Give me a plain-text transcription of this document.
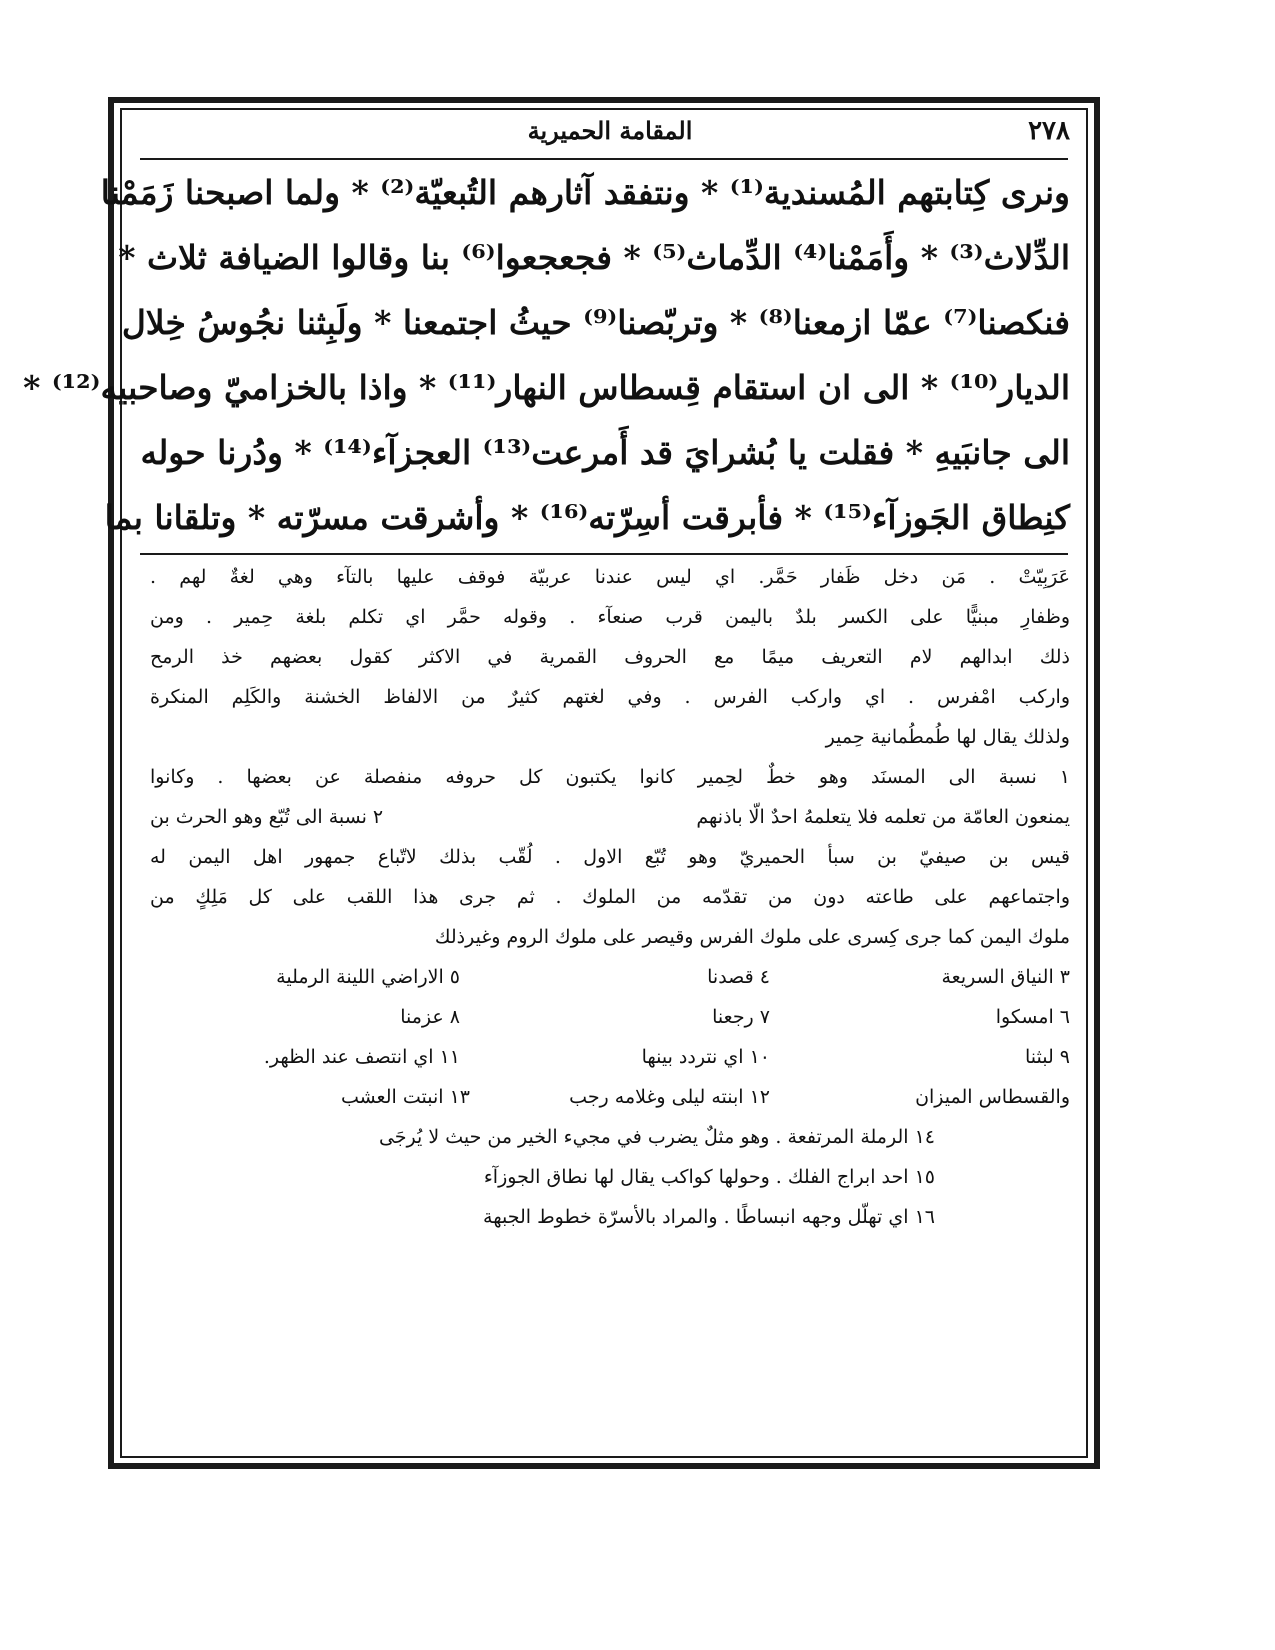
٢٧٨
المقامة الحميرية
ونرى كِتابتهم المُسندية⁽¹⁾ * ونتفقد آثارهم التُبعيّة⁽²⁾ * ولما اصبحنا زَمَمْنا
الدِّلاث⁽³⁾ * وأَمَمْنا⁽⁴⁾ الدِّماث⁽⁵⁾ * فجعجعوا⁽⁶⁾ بنا وقالوا الضيافة ثلاث *
فنكصنا⁽⁷⁾ عمّا ازمعنا⁽⁸⁾ * وتربّصنا⁽⁹⁾ حيثُ اجتمعنا * ولَبِثنا نجُوسُ خِلال
الديار⁽¹⁰⁾ * الى ان استقام قِسطاس النهار⁽¹¹⁾ * واذا بالخزاميّ وصاحبيه⁽¹²⁾ *
الى جانبَيهِ * فقلت يا بُشرايَ قد أَمرعت⁽¹³⁾ العجزآء⁽¹⁴⁾ * ودُرنا حوله
كنِطاق الجَوزآء⁽¹⁵⁾ * فأبرقت أسِرّته⁽¹⁶⁾ * وأشرقت مسرّته * وتلقانا بما
عَرَبِيّتْ . مَن دخل ظَفار حَمَّر. اي ليس عندنا عربيّة فوقف عليها بالتآء وهي لغةٌ لهم .
وظفارِ مبنيًّا على الكسر بلدٌ باليمن قرب صنعآء . وقوله حمَّر اي تكلم بلغة حِمير . ومن
ذلك ابدالهم لام التعريف ميمًا مع الحروف القمرية في الاكثر كقول بعضهم خذ الرمح
واركب امْفرس . اي واركب الفرس . وفي لغتهم كثيرٌ من الالفاظ الخشنة والكَلِم المنكرة
ولذلك يقال لها طُمطُمانية حِمير
١ نسبة الى المسنَد وهو خطٌ لحِمير كانوا يكتبون كل حروفه منفصلة عن بعضها . وكانوا
يمنعون العامّة من تعلمه فلا يتعلمهُ احدٌ الّا باذنهم
٢ نسبة الى تُبّع وهو الحرث بن
قيس بن صيفيّ بن سبأ الحميريّ وهو تُبّع الاول . لُقّب بذلك لاتّباع جمهور اهل اليمن له
واجتماعهم على طاعته دون من تقدّمه من الملوك . ثم جرى هذا اللقب على كل مَلِكٍ من
ملوك اليمن كما جرى كِسرى على ملوك الفرس وقيصر على ملوك الروم وغيرذلك
٣ النياق السريعة
٤ قصدنا
٥ الاراضي اللينة الرملية
٦ امسكوا
٧ رجعنا
٨ عزمنا
٩ لبثنا
١٠ اي نتردد بينها
١١ اي انتصف عند الظهر.
والقسطاس الميزان
١٢ ابنته ليلى وغلامه رجب
١٣ انبتت العشب
١٤ الرملة المرتفعة . وهو مثلٌ يضرب في مجيء الخير من حيث لا يُرجَى
١٥ احد ابراج الفلك . وحولها كواكب يقال لها نطاق الجوزآء
١٦ اي تهلّل وجهه انبساطًا . والمراد بالأسرّة خطوط الجبهة
